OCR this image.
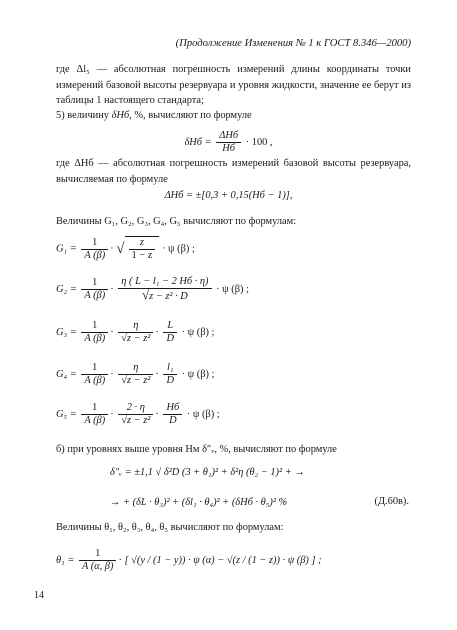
(Продолжение Изменения № 1 к ГОСТ 8.346—2000)
где Δl₅ — абсолютная погрешность измерений длины координаты точки измерений базовой высоты резервуара и уровня жидкости, значение ее берут из таблицы 1 настоящего стандарта;
5) величину δHб, %, вычисляют по формуле
$\delta Hб = \frac{\text{ΔHб}}{Hб} \cdot 100$ ,
где ΔHб — абсолютная погрешность измерений базовой высоты резервуара, вычисляемая по формуле
ΔHб = ±[0,3 + 0,15(Hб − 1)],
Величины G₁, G₂, G₃, G₄, G₅ вычисляют по формулам:
$G_1 = \frac{1}{A (\beta)}$ · √ $\frac{z}{1 - z} \cdot \psi$ (β) ;
$G_2 = \frac{1}{A (\beta)} \cdot \frac{\text{η ( L − l₁ − 2 Hб · η)}}{\text{√z − z² · D}} \cdot \psi$ (β) ;
$G_3 = \frac{1}{A (\beta)} \cdot \frac{\eta}{\text{√z − z²}} \cdot \frac{L}{D} \cdot \psi$ (β) ;
$G_4 = \frac{1}{A (\beta)} \cdot \frac{\eta}{\text{√z − z²}} \cdot \frac{\text{l₁}}{D} \cdot \psi$ (β) ;
$G_5 = \frac{1}{A (\beta)} \cdot \frac{2 \cdot \eta}{\text{√z − z²}} \cdot \frac{Hб}{D} \cdot \psi$ (β) ;
б) при уровнях выше уровня Hм δ″ᵥ, %, вычисляют по формуле
δ″ᵥ = ±1,1 √ δ²D (3 + θ₁)² + δ²η (θ₂ − 1)² + →
→ + (δL · θ₃)² + (δl₁ · θ₄)² + (δHб · θ₅)² %	(Д.60в).
Величины θ₁, θ₂, θ₃, θ₄, θ₅ вычисляют по формулам:
$\theta_1 = \frac{1}{A (\alpha, \beta)}$ · [ √(y / (1 − y)) · ψ (α) − √(z / (1 − z)) · ψ (β) ] ;
14
